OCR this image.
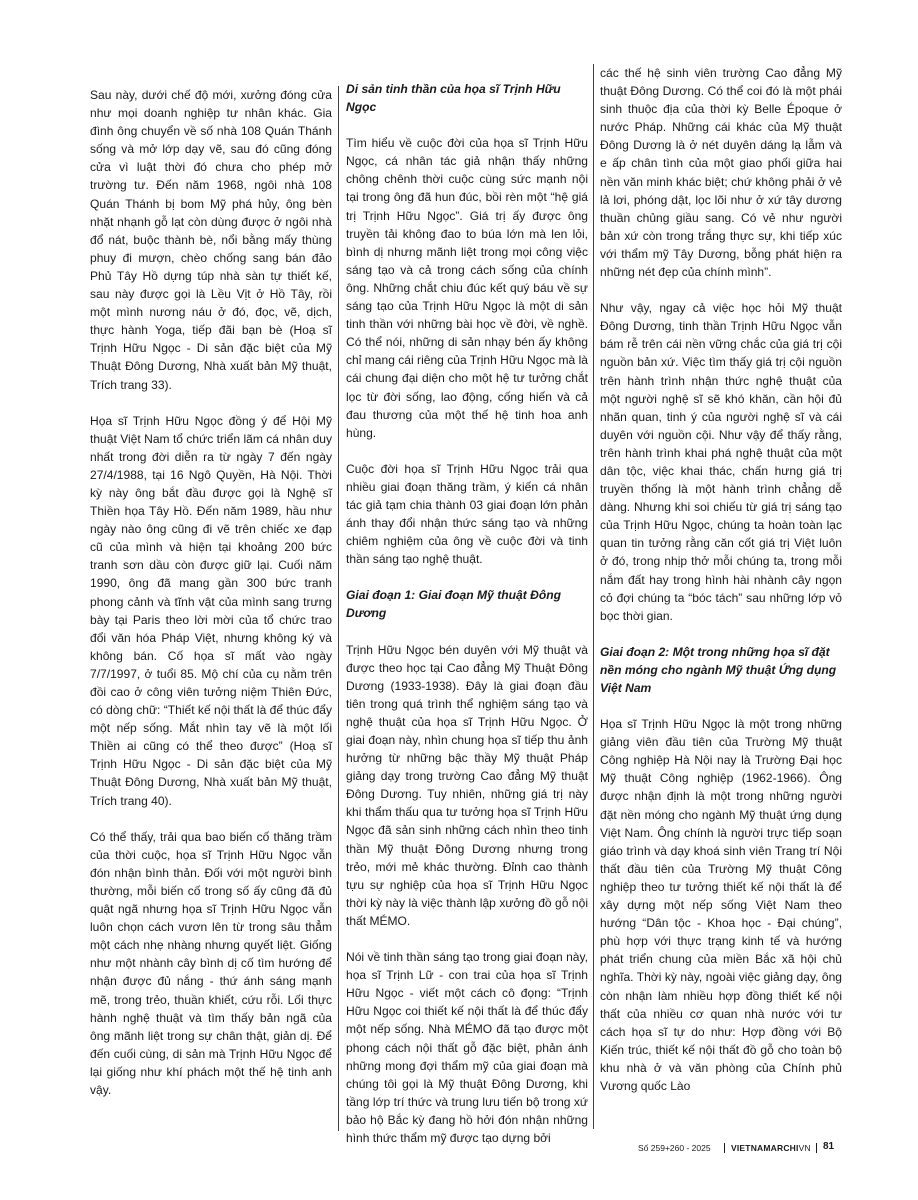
Sau này, dưới chế độ mới, xưởng đóng cửa như mọi doanh nghiệp tư nhân khác. Gia đình ông chuyển về số nhà 108 Quán Thánh sống và mở lớp dạy vẽ, sau đó cũng đóng cửa vì luật thời đó chưa cho phép mở trường tư. Đến năm 1968, ngôi nhà 108 Quán Thánh bị bom Mỹ phá hủy, ông bèn nhặt nhạnh gỗ lạt còn dùng được ở ngôi nhà đổ nát, buộc thành bè, nổi bằng mấy thùng phuy đi mượn, chèo chống sang bán đảo Phủ Tây Hồ dựng túp nhà sàn tự thiết kế, sau này được gọi là Lều Vịt ở Hồ Tây, rồi một mình nương náu ở đó, đọc, vẽ, dịch, thực hành Yoga, tiếp đãi bạn bè (Hoạ sĩ Trịnh Hữu Ngọc - Di sản đặc biệt của Mỹ Thuật Đông Dương, Nhà xuất bản Mỹ thuật, Trích trang 33).

Họa sĩ Trịnh Hữu Ngọc đồng ý để Hội Mỹ thuật Việt Nam tổ chức triển lãm cá nhân duy nhất trong đời diễn ra từ ngày 7 đến ngày 27/4/1988, tại 16 Ngô Quyền, Hà Nội. Thời kỳ này ông bắt đầu được gọi là Nghệ sĩ Thiền họa Tây Hồ. Đến năm 1989, hầu như ngày nào ông cũng đi vẽ trên chiếc xe đạp cũ của mình và hiện tại khoảng 200 bức tranh sơn dầu còn được giữ lại. Cuối năm 1990, ông đã mang gần 300 bức tranh phong cảnh và tĩnh vật của mình sang trưng bày tại Paris theo lời mời của tổ chức trao đổi văn hóa Pháp Việt, nhưng không ký và không bán. Cố họa sĩ mất vào ngày 7/7/1997, ở tuổi 85. Mộ chí của cụ nằm trên đồi cao ở công viên tưởng niệm Thiên Đức, có dòng chữ: “Thiết kế nội thất là để thúc đẩy một nếp sống. Mắt nhìn tay vẽ là một lối Thiền ai cũng có thể theo được” (Hoạ sĩ Trịnh Hữu Ngọc - Di sản đặc biệt của Mỹ Thuật Đông Dương, Nhà xuất bản Mỹ thuật, Trích trang 40).

Có thể thấy, trải qua bao biến cố thăng trầm của thời cuộc, họa sĩ Trịnh Hữu Ngọc vẫn đón nhận bình thản. Đối với một người bình thường, mỗi biến cố trong số ấy cũng đã đủ quật ngã nhưng họa sĩ Trịnh Hữu Ngọc vẫn luôn chọn cách vươn lên từ trong sâu thẳm một cách nhẹ nhàng nhưng quyết liệt. Giống như một nhành cây bình dị cố tìm hướng để nhận được đủ nắng - thứ ánh sáng mạnh mẽ, trong trẻo, thuần khiết, cứu rỗi. Lối thực hành nghệ thuật và tìm thấy bản ngã của ông mãnh liệt trong sự chân thật, giản dị. Để đến cuối cùng, di sản mà Trịnh Hữu Ngọc để lại giống như khí phách một thế hệ tinh anh vậy.

Di sản tinh thần của họa sĩ Trịnh Hữu Ngọc

Tìm hiểu về cuộc đời của họa sĩ Trịnh Hữu Ngọc, cá nhân tác giả nhận thấy những chông chênh thời cuộc cùng sức mạnh nội tại trong ông đã hun đúc, bồi rèn một “hệ giá trị Trịnh Hữu Ngọc”. Giá trị ấy được ông truyền tải không đao to búa lớn mà len lỏi, bình dị nhưng mãnh liệt trong mọi công việc sáng tạo và cả trong cách sống của chính ông. Những chắt chiu đúc kết quý báu về sự sáng tạo của Trịnh Hữu Ngọc là một di sản tinh thần với những bài học về đời, về nghề. Có thể nói, những di sản nhạy bén ấy không chỉ mang cái riêng của Trịnh Hữu Ngọc mà là cái chung đại diện cho một hệ tư tưởng chắt lọc từ đời sống, lao động, cống hiến và cả đau thương của một thế hệ tinh hoa anh hùng.

Cuộc đời họa sĩ Trịnh Hữu Ngọc trải qua nhiều giai đoạn thăng trầm, ý kiến cá nhân tác giả tạm chia thành 03 giai đoạn lớn phản ánh thay đổi nhận thức sáng tạo và những chiêm nghiệm của ông về cuộc đời và tinh thần sáng tạo nghệ thuật.

Giai đoạn 1: Giai đoạn Mỹ thuật Đông Dương

Trịnh Hữu Ngọc bén duyên với Mỹ thuật và được theo học tại Cao đẳng Mỹ Thuật Đông Dương (1933-1938). Đây là giai đoạn đầu tiên trong quá trình thể nghiệm sáng tạo và nghệ thuật của họa sĩ Trịnh Hữu Ngọc. Ở giai đoạn này, nhìn chung họa sĩ tiếp thu ảnh hưởng từ những bậc thầy Mỹ thuật Pháp giảng dạy trong trường Cao đẳng Mỹ thuật Đông Dương. Tuy nhiên, những giá trị này khi thẩm thấu qua tư tưởng họa sĩ Trịnh Hữu Ngọc đã sản sinh những cách nhìn theo tinh thần Mỹ thuật Đông Dương nhưng trong trẻo, mới mẻ khác thường. Đỉnh cao thành tựu sự nghiệp của họa sĩ Trịnh Hữu Ngọc thời kỳ này là việc thành lập xưởng đồ gỗ nội thất MÉMO.

Nói về tinh thần sáng tạo trong giai đoạn này, họa sĩ Trịnh Lữ - con trai của họa sĩ Trịnh Hữu Ngọc - viết một cách cô đọng: “Trịnh Hữu Ngọc coi thiết kế nội thất là để thúc đẩy một nếp sống. Nhà MÉMO đã tạo được một phong cách nội thất gỗ đặc biệt, phản ánh những mong đợi thẩm mỹ của giai đoạn mà chúng tôi gọi là Mỹ thuật Đông Dương, khi tầng lớp trí thức và trung lưu tiến bộ trong xứ bảo hộ Bắc kỳ đang hồ hởi đón nhận những hình thức thẩm mỹ được tạo dựng bởi

các thế hệ sinh viên trường Cao đẳng Mỹ thuật Đông Dương. Có thể coi đó là một phái sinh thuộc địa của thời kỳ Belle Époque ở nước Pháp. Những cái khác của Mỹ thuật Đông Dương là ở nét duyên dáng lạ lẫm và e ấp chân tình của một giao phối giữa hai nền văn minh khác biệt; chứ không phải ở vẻ lả lơi, phóng dật, lọc lõi như ở xứ tây dương thuần chủng giầu sang. Có vẻ như người bản xứ còn trong trắng thực sự, khi tiếp xúc với thẩm mỹ Tây Dương, bỗng phát hiện ra những nét đẹp của chính mình”.

Như vậy, ngay cả việc học hỏi Mỹ thuật Đông Dương, tinh thần Trịnh Hữu Ngọc vẫn bám rễ trên cái nền vững chắc của giá trị cội nguồn bản xứ. Việc tìm thấy giá trị cội nguồn trên hành trình nhận thức nghệ thuật của một người nghệ sĩ sẽ khó khăn, cần hội đủ nhãn quan, tinh ý của người nghệ sĩ và cái duyên với nguồn cội. Như vậy để thấy rằng, trên hành trình khai phá nghệ thuật của một dân tộc, việc khai thác, chấn hưng giá trị truyền thống là một hành trình chẳng dễ dàng. Nhưng khi soi chiếu từ giá trị sáng tạo của Trịnh Hữu Ngọc, chúng ta hoàn toàn lạc quan tin tưởng rằng căn cốt giá trị Việt luôn ở đó, trong nhịp thở mỗi chúng ta, trong mỗi nắm đất hay trong hình hài nhành cây ngọn cỏ đợi chúng ta “bóc tách” sau những lớp vỏ bọc thời gian.

Giai đoạn 2: Một trong những họa sĩ đặt nền móng cho ngành Mỹ thuật Ứng dụng Việt Nam

Họa sĩ Trịnh Hữu Ngọc là một trong những giảng viên đầu tiên của Trường Mỹ thuật Công nghiệp Hà Nội nay là Trường Đại học Mỹ thuật Công nghiệp (1962-1966). Ông được nhận định là một trong những người đặt nền móng cho ngành Mỹ thuật ứng dụng Việt Nam. Ông chính là người trực tiếp soạn giáo trình và dạy khoá sinh viên Trang trí Nội thất đầu tiên của Trường Mỹ thuật Công nghiệp theo tư tưởng thiết kế nội thất là để xây dựng một nếp sống Việt Nam theo hướng “Dân tộc - Khoa học - Đại chúng”, phù hợp với thực trạng kinh tế và hướng phát triển chung của miền Bắc xã hội chủ nghĩa. Thời kỳ này, ngoài việc giảng dạy, ông còn nhận làm nhiều hợp đồng thiết kế nội thất của nhiều cơ quan nhà nước với tư cách họa sĩ tự do như: Hợp đồng với Bộ Kiến trúc, thiết kế nội thất đồ gỗ cho toàn bộ khu nhà ở và văn phòng của Chính phủ Vương quốc Lào

Số 259+260 - 2025 VIETNAMARCHIVN 81
